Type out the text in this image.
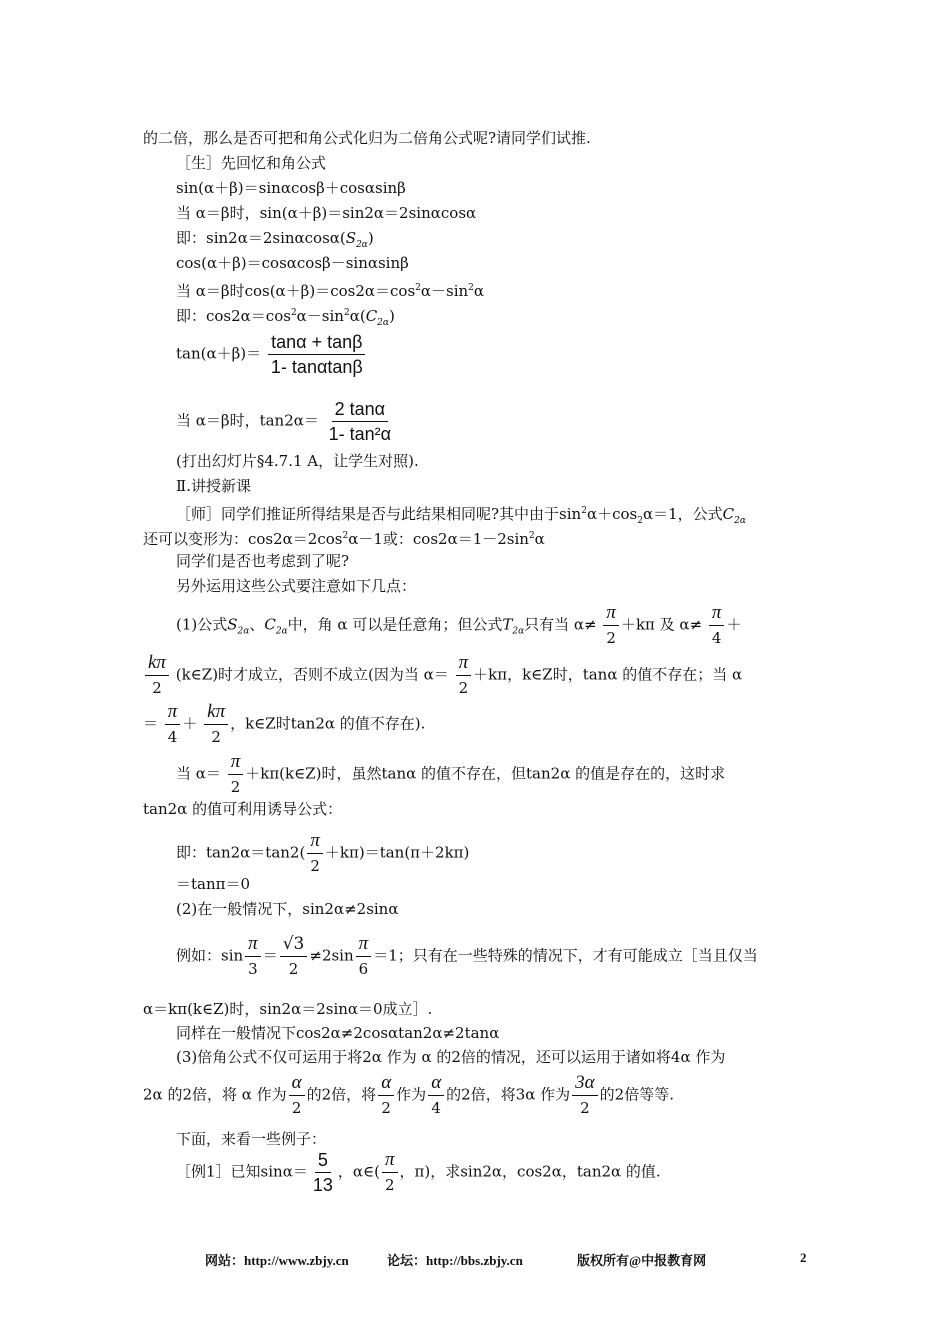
的二倍，那么是否可把和角公式化归为二倍角公式呢?请同学们试推.
［生］先回忆和角公式
sin(α＋β)＝sinαcosβ＋cosαsinβ
当 α＝β时，sin(α＋β)＝sin2α＝2sinαcosα
即：$\sin 2\alpha=2\sin\alpha\cos\alpha(S_{2\alpha})$
cos(α＋β)＝cosαcosβ－sinαsinβ
当 α＝β时$\cos(\alpha+\beta)=\cos 2\alpha=\cos^2\alpha-\sin^2\alpha$
即：$\cos 2\alpha=\cos^2\alpha-\sin^2\alpha(C_{2\alpha})$
$\tan(\alpha+\beta)= \frac{\tan\alpha + \tan\beta}{1- \tan\alpha\tan\beta}$
当 α＝β时，$\tan 2\alpha= \frac{2 \tan\alpha}{\text{1- tan²α}}$
(打出幻灯片§4.7.1 A，让学生对照).
Ⅱ.讲授新课
［师］同学们推证所得结果是否与此结果相同呢?其中由于$\sin^2\alpha+\cos_2\alpha=1$，公式$C_{2\alpha}$
还可以变形为：$\cos 2\alpha=2\cos^2\alpha-1$或：$\cos 2\alpha=1-2\sin^2\alpha$
同学们是否也考虑到了呢?
另外运用这些公式要注意如下几点：
(1)公式$S_{2\alpha}$、$C_{2\alpha}$中，角 α 可以是任意角；但公式$T_{2\alpha}$只有当 $\alpha\ne \frac{\pi}{2} +k\pi$ 及 $\alpha\ne \frac{\pi}{4}$ ＋
$\frac{k\pi}{2}$ (k∈Z)时才成立，否则不成立(因为当 $\alpha= \frac{\pi}{2} +k\pi$，k∈Z时，tanα 的值不存在；当 α
＝ $\frac{\pi}{4} + \frac{k\pi}{2}$ ，k∈Z时tan2α 的值不存在).
当 $\alpha= \frac{\pi}{2}$ ＋kπ(k∈Z)时，虽然tanα 的值不存在，但tan2α 的值是存在的，这时求
tan2α 的值可利用诱导公式：
即：$\tan 2\alpha=\tan 2( \frac{\pi}{2} +k\pi)=\tan(\pi+2k\pi)$
＝tanπ＝0
(2)在一般情况下，sin2α≠2sinα
例如：$\sin \frac{\pi}{3} = \frac{√3}{2} \ne 2\sin \frac{\pi}{6} =1$；只有在一些特殊的情况下，才有可能成立［当且仅当
α＝kπ(k∈Z)时，sin2α＝2sinα＝0成立］.
同样在一般情况下cos2α≠2cosαtan2α≠2tanα
(3)倍角公式不仅可运用于将2α 作为 α 的2倍的情况，还可以运用于诸如将4α 作为
2α 的2倍，将 α 作为 $\frac{\alpha}{2}$ 的2倍，将 $\frac{\alpha}{2}$ 作为 $\frac{\alpha}{4}$ 的2倍，将3α 作为 $\frac{3\alpha}{2}$ 的2倍等等.
下面，来看一些例子：
［例1］已知$\sin\alpha= \frac{5}{13}$ ，α∈( $\frac{\pi}{2}$ ，π)，求sin2α，cos2α，tan2α 的值.
网站：http://www.zbjy.cn	论坛：http://bbs.zbjy.cn	版权所有@中报教育网	2
